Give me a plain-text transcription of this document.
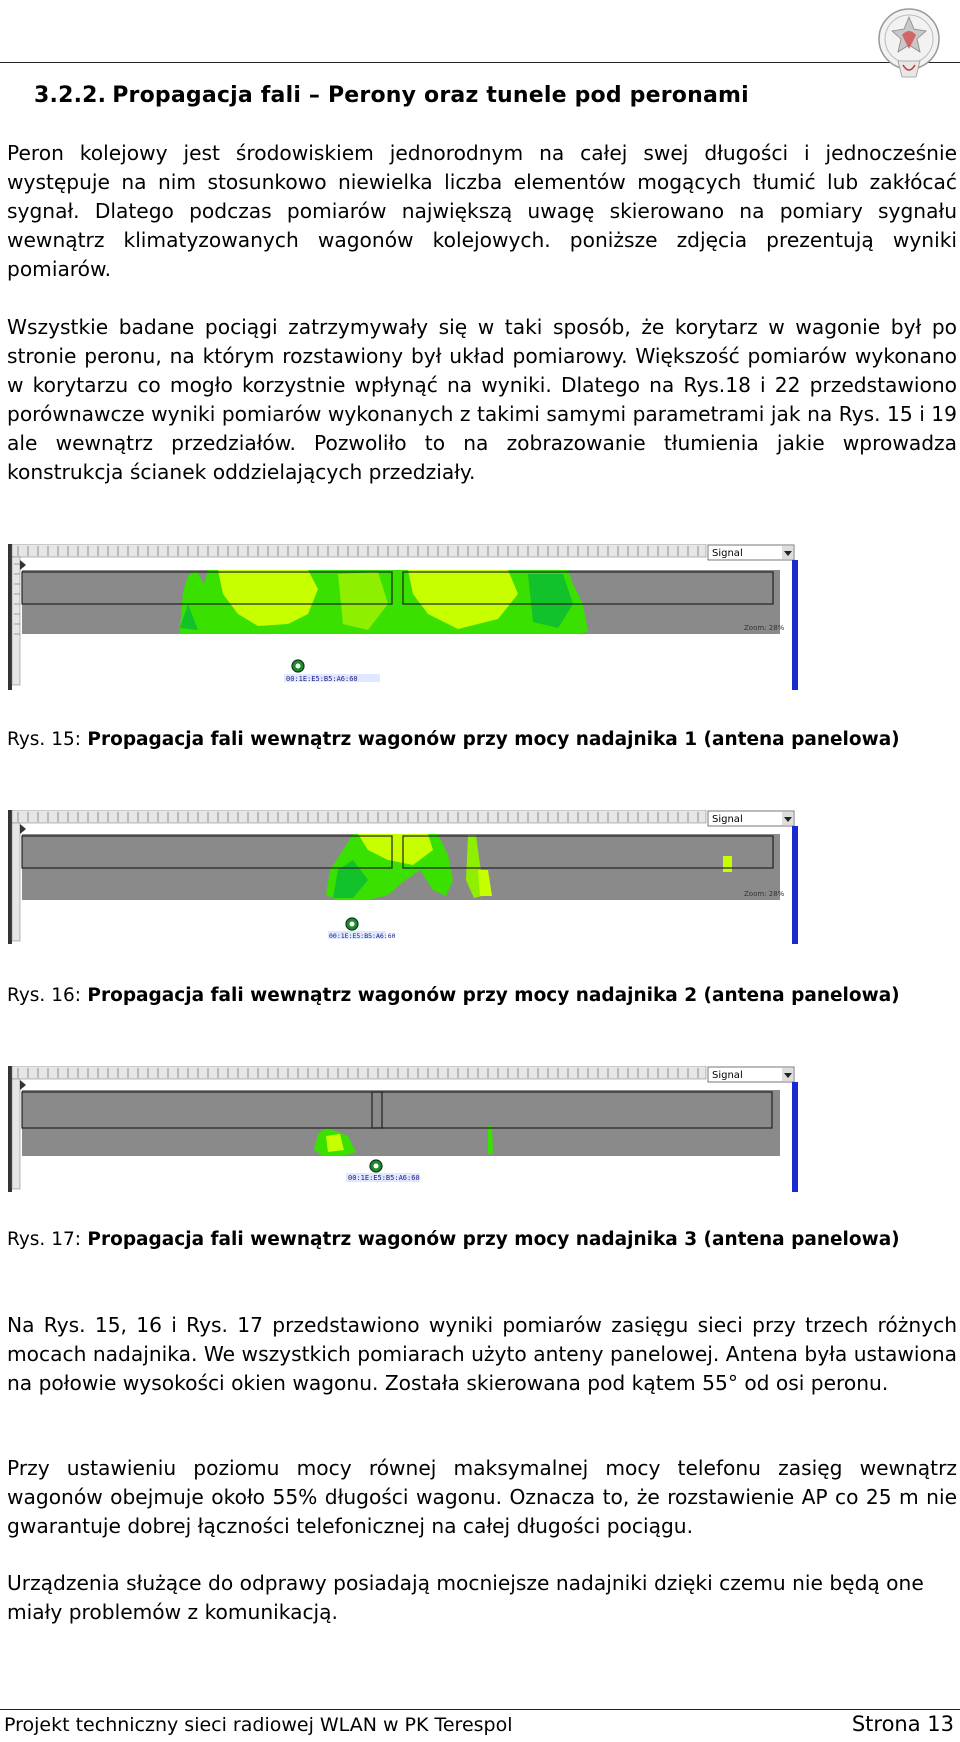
3.2.2. Propagacja fali – Perony oraz tunele pod peronami
Peron kolejowy jest środowiskiem jednorodnym na całej swej długości i jednocześnie występuje na nim stosunkowo niewielka liczba elementów mogących tłumić lub zakłócać sygnał. Dlatego podczas pomiarów największą uwagę skierowano na pomiary sygnału wewnątrz klimatyzowanych wagonów kolejowych. poniższe zdjęcia prezentują wyniki pomiarów.
Wszystkie badane pociągi zatrzymywały się w taki sposób, że korytarz w wagonie był po stronie peronu, na którym rozstawiony był układ pomiarowy. Większość pomiarów wykonano w korytarzu co mogło korzystnie wpłynąć na wyniki. Dlatego na Rys.18 i 22 przedstawiono porównawcze wyniki pomiarów wykonanych z takimi samymi parametrami jak na Rys. 15 i 19 ale wewnątrz przedziałów. Pozwoliło to na zobrazowanie tłumienia jakie wprowadza konstrukcja ścianek oddzielających przedziały.
Signal
Zoom: 28%
00:1E:E5:B5:A6:60
Rys. 15: Propagacja fali wewnątrz wagonów przy mocy nadajnika 1 (antena panelowa)
Signal
Zoom: 28%
00:1E:E5:B5:A6:60
Rys. 16: Propagacja fali wewnątrz wagonów przy mocy nadajnika 2 (antena panelowa)
Signal
00:1E:E5:B5:A6:60
Rys. 17: Propagacja fali wewnątrz wagonów przy mocy nadajnika 3 (antena panelowa)
Na Rys. 15, 16 i Rys. 17 przedstawiono wyniki pomiarów zasięgu sieci przy trzech różnych mocach nadajnika. We wszystkich pomiarach użyto anteny panelowej. Antena była ustawiona na połowie wysokości okien wagonu. Została skierowana pod kątem 55° od osi peronu.
Przy ustawieniu poziomu mocy równej maksymalnej mocy telefonu zasięg wewnątrz wagonów obejmuje około 55% długości wagonu. Oznacza to, że rozstawienie AP co 25 m nie gwarantuje dobrej łączności telefonicznej na całej długości pociągu.
Urządzenia służące do odprawy posiadają mocniejsze nadajniki dzięki czemu nie będą one miały problemów z komunikacją.
Projekt techniczny sieci radiowej WLAN w PK Terespol	Strona 13
